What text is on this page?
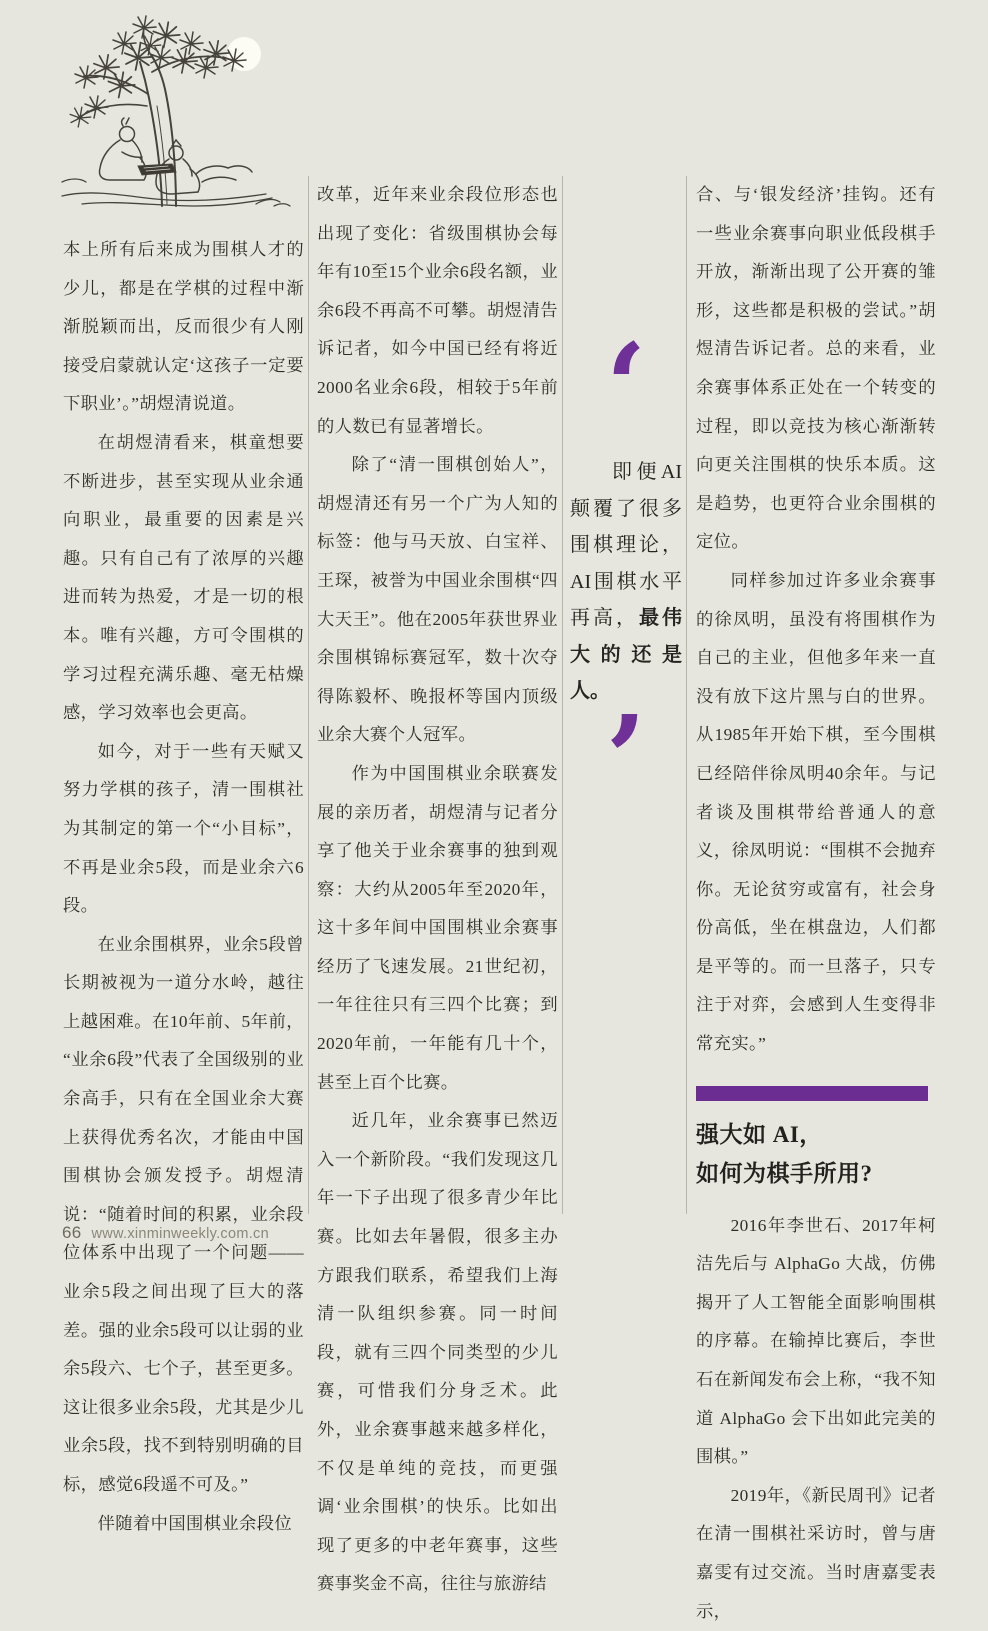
本上所有后来成为围棋人才的少儿，都是在学棋的过程中渐渐脱颖而出，反而很少有人刚接受启蒙就认定‘这孩子一定要下职业’。”胡煜清说道。

在胡煜清看来，棋童想要不断进步，甚至实现从业余通向职业，最重要的因素是兴趣。只有自己有了浓厚的兴趣进而转为热爱，才是一切的根本。唯有兴趣，方可令围棋的学习过程充满乐趣、毫无枯燥感，学习效率也会更高。

如今，对于一些有天赋又努力学棋的孩子，清一围棋社为其制定的第一个“小目标”，不再是业余5段，而是业余六6段。

在业余围棋界，业余5段曾长期被视为一道分水岭，越往上越困难。在10年前、5年前，“业余6段”代表了全国级别的业余高手，只有在全国业余大赛上获得优秀名次，才能由中国围棋协会颁发授予。胡煜清说：“随着时间的积累，业余段位体系中出现了一个问题——业余5段之间出现了巨大的落差。强的业余5段可以让弱的业余5段六、七个子，甚至更多。这让很多业余5段，尤其是少儿业余5段，找不到特别明确的目标，感觉6段遥不可及。”

伴随着中国围棋业余段位

改革，近年来业余段位形态也出现了变化：省级围棋协会每年有10至15个业余6段名额，业余6段不再高不可攀。胡煜清告诉记者，如今中国已经有将近2000名业余6段，相较于5年前的人数已有显著增长。

除了“清一围棋创始人”，胡煜清还有另一个广为人知的标签：他与马天放、白宝祥、王琛，被誉为中国业余围棋“四大天王”。他在2005年获世界业余围棋锦标赛冠军，数十次夺得陈毅杯、晚报杯等国内顶级业余大赛个人冠军。

作为中国围棋业余联赛发展的亲历者，胡煜清与记者分享了他关于业余赛事的独到观察：大约从2005年至2020年，这十多年间中国围棋业余赛事经历了飞速发展。21世纪初，一年往往只有三四个比赛；到2020年前，一年能有几十个，甚至上百个比赛。

近几年，业余赛事已然迈入一个新阶段。“我们发现这几年一下子出现了很多青少年比赛。比如去年暑假，很多主办方跟我们联系，希望我们上海清一队组织参赛。同一时间段，就有三四个同类型的少儿赛，可惜我们分身乏术。此外，业余赛事越来越多样化，不仅是单纯的竞技，而更强调‘业余围棋’的快乐。比如出现了更多的中老年赛事，这些赛事奖金不高，往往与旅游结

‘

即便AI颠覆了很多围棋理论，AI围棋水平再高，最伟大的还是人。

’

合、与‘银发经济’挂钩。还有一些业余赛事向职业低段棋手开放，渐渐出现了公开赛的雏形，这些都是积极的尝试。”胡煜清告诉记者。总的来看，业余赛事体系正处在一个转变的过程，即以竞技为核心渐渐转向更关注围棋的快乐本质。这是趋势，也更符合业余围棋的定位。

同样参加过许多业余赛事的徐凤明，虽没有将围棋作为自己的主业，但他多年来一直没有放下这片黑与白的世界。从1985年开始下棋，至今围棋已经陪伴徐凤明40余年。与记者谈及围棋带给普通人的意义，徐凤明说：“围棋不会抛弃你。无论贫穷或富有，社会身份高低，坐在棋盘边，人们都是平等的。而一旦落子，只专注于对弈，会感到人生变得非常充实。”

强大如 AI，
如何为棋手所用?

2016年李世石、2017年柯洁先后与 AlphaGo 大战，仿佛揭开了人工智能全面影响围棋的序幕。在输掉比赛后，李世石在新闻发布会上称，“我不知道 AlphaGo 会下出如此完美的围棋。”

2019年，《新民周刊》记者在清一围棋社采访时，曾与唐嘉雯有过交流。当时唐嘉雯表示，

66 www.xinminweekly.com.cn
